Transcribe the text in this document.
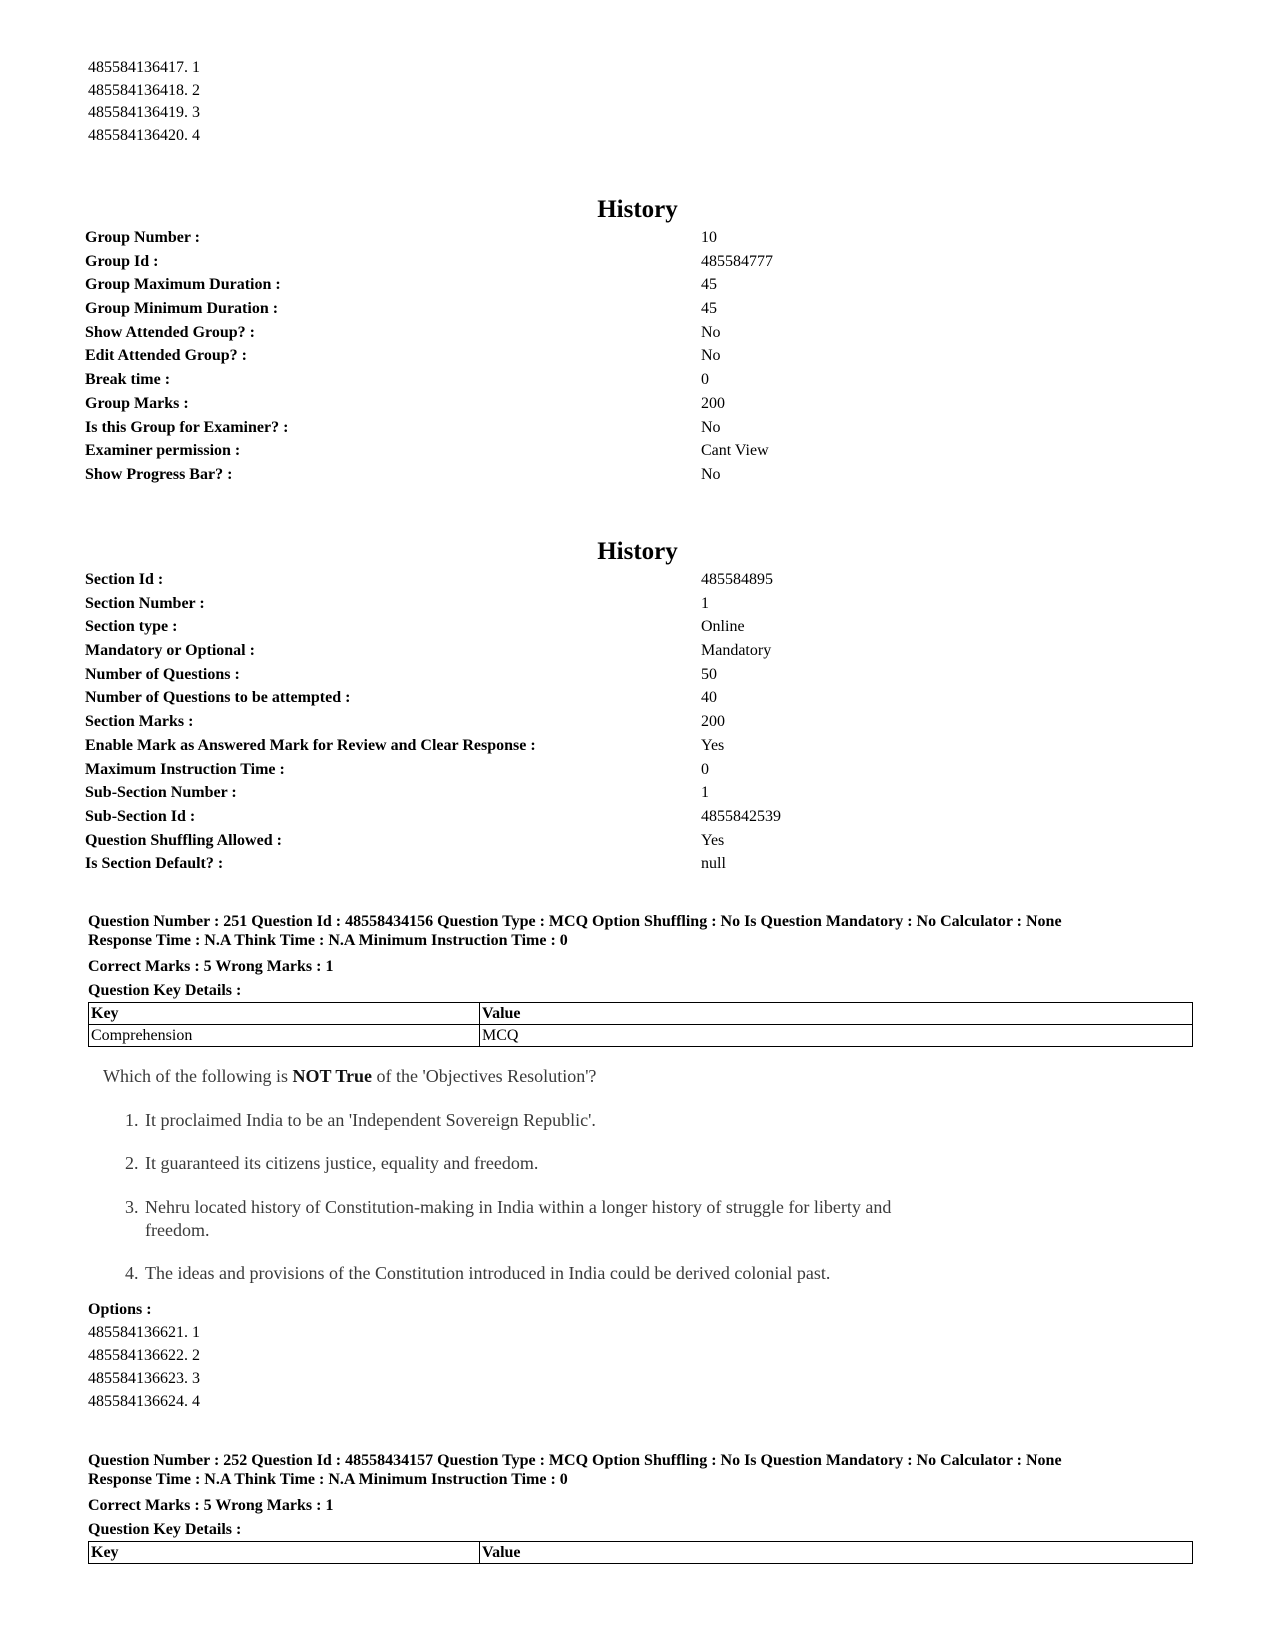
485584136417. 1
485584136418. 2
485584136419. 3
485584136420. 4
History
Group Number :	10
Group Id :	485584777
Group Maximum Duration :	45
Group Minimum Duration :	45
Show Attended Group? :	No
Edit Attended Group? :	No
Break time :	0
Group Marks :	200
Is this Group for Examiner? :	No
Examiner permission :	Cant View
Show Progress Bar? :	No
History
Section Id :	485584895
Section Number :	1
Section type :	Online
Mandatory or Optional :	Mandatory
Number of Questions :	50
Number of Questions to be attempted :	40
Section Marks :	200
Enable Mark as Answered Mark for Review and Clear Response :	Yes
Maximum Instruction Time :	0
Sub-Section Number :	1
Sub-Section Id :	4855842539
Question Shuffling Allowed :	Yes
Is Section Default? :	null
Question Number : 251 Question Id : 48558434156 Question Type : MCQ Option Shuffling : No Is Question Mandatory : No Calculator : None
Response Time : N.A Think Time : N.A Minimum Instruction Time : 0
Correct Marks : 5 Wrong Marks : 1
Question Key Details :
Key	Value
Comprehension	MCQ
Which of the following is NOT True of the 'Objectives Resolution'?
1. It proclaimed India to be an 'Independent Sovereign Republic'.
2. It guaranteed its citizens justice, equality and freedom.
3. Nehru located history of Constitution-making in India within a longer history of struggle for liberty and
freedom.
4. The ideas and provisions of the Constitution introduced in India could be derived colonial past.
Options :
485584136621. 1
485584136622. 2
485584136623. 3
485584136624. 4
Question Number : 252 Question Id : 48558434157 Question Type : MCQ Option Shuffling : No Is Question Mandatory : No Calculator : None
Response Time : N.A Think Time : N.A Minimum Instruction Time : 0
Correct Marks : 5 Wrong Marks : 1
Question Key Details :
Key	Value
